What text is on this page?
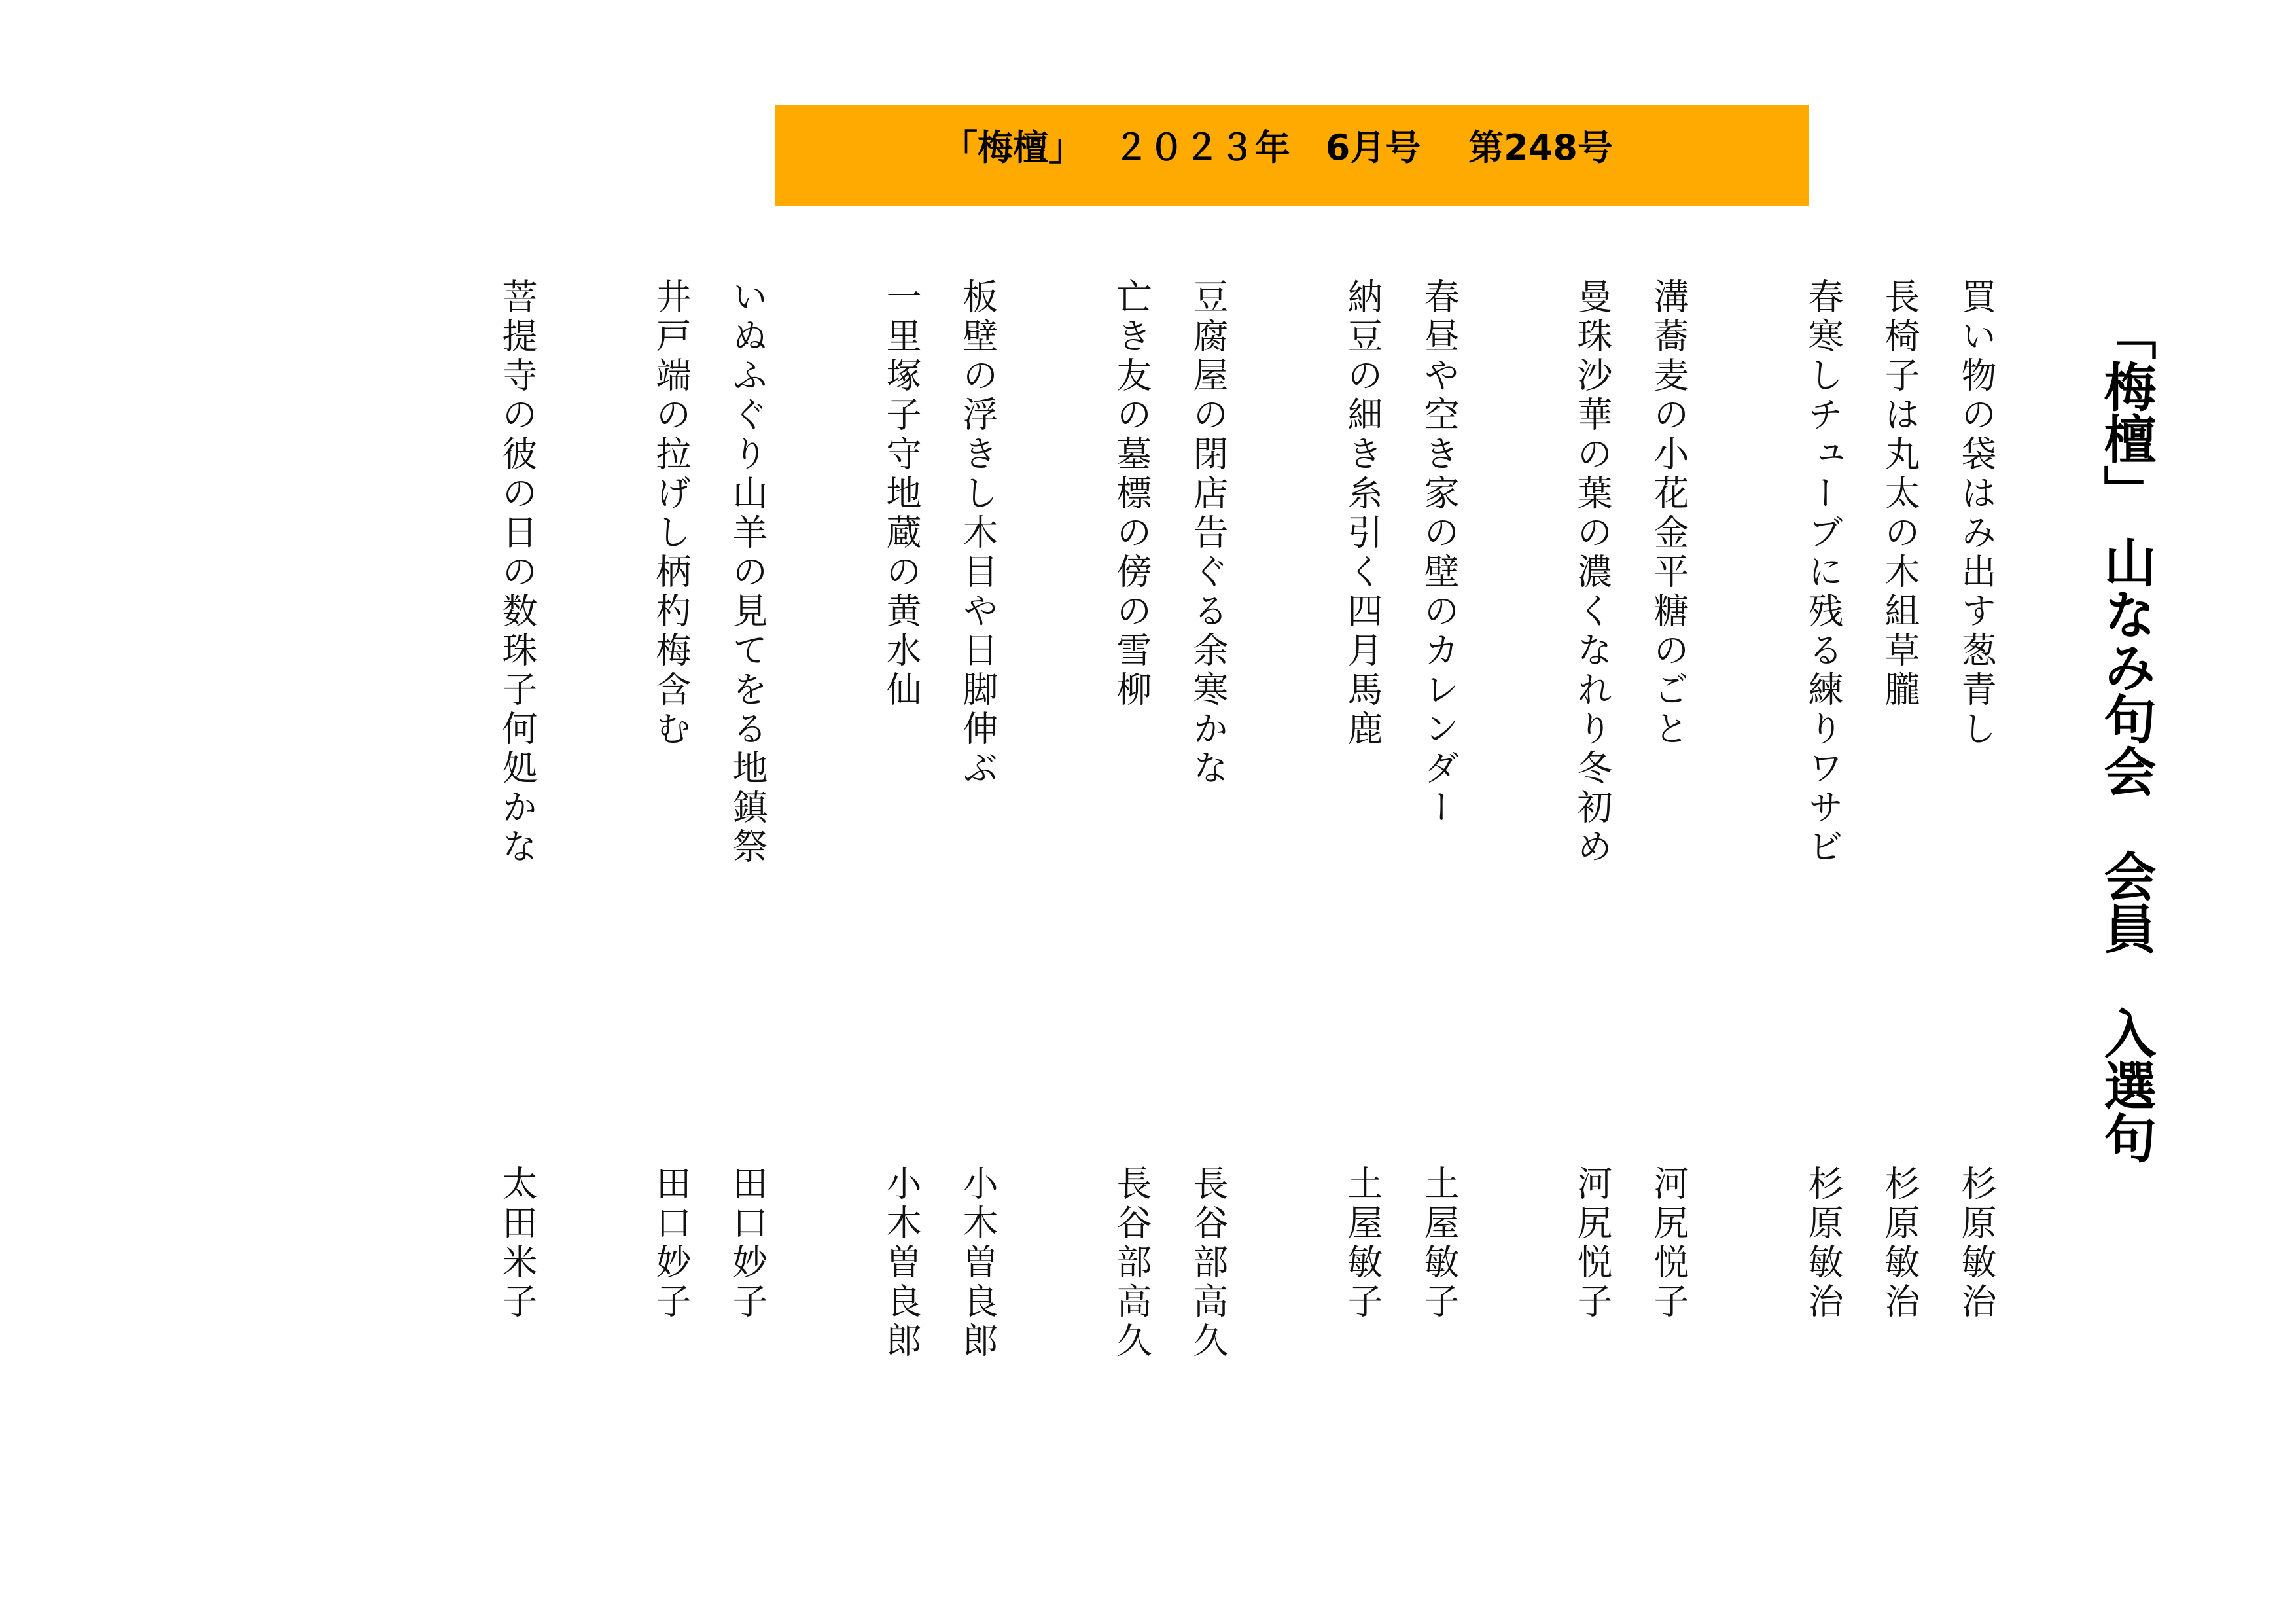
「梅檀」　 ２０２３年　6月号 　第248号
「梅檀」 山なみ句会　会員　入選句
買い物の袋はみ出す葱青し
長椅子は丸太の木組草朧
春寒しチューブに残る練りワサビ
溝蕎麦の小花金平糖のごと
曼珠沙華の葉の濃くなれり冬初め
春昼や空き家の壁のカレンダー
納豆の細き糸引く四月馬鹿
豆腐屋の閉店告ぐる余寒かな
亡き友の墓標の傍の雪柳
板壁の浮きし木目や日脚伸ぶ
一里塚子守地蔵の黄水仙
いぬふぐり山羊の見てをる地鎮祭
井戸端の拉げし柄杓梅含む
菩提寺の彼の日の数珠子何処かな
杉原敏治
杉原敏治
杉原敏治
河尻悦子
河尻悦子
土屋敏子
土屋敏子
長谷部高久
長谷部高久
小木曽良郎
小木曽良郎
田口妙子
田口妙子
太田米子
